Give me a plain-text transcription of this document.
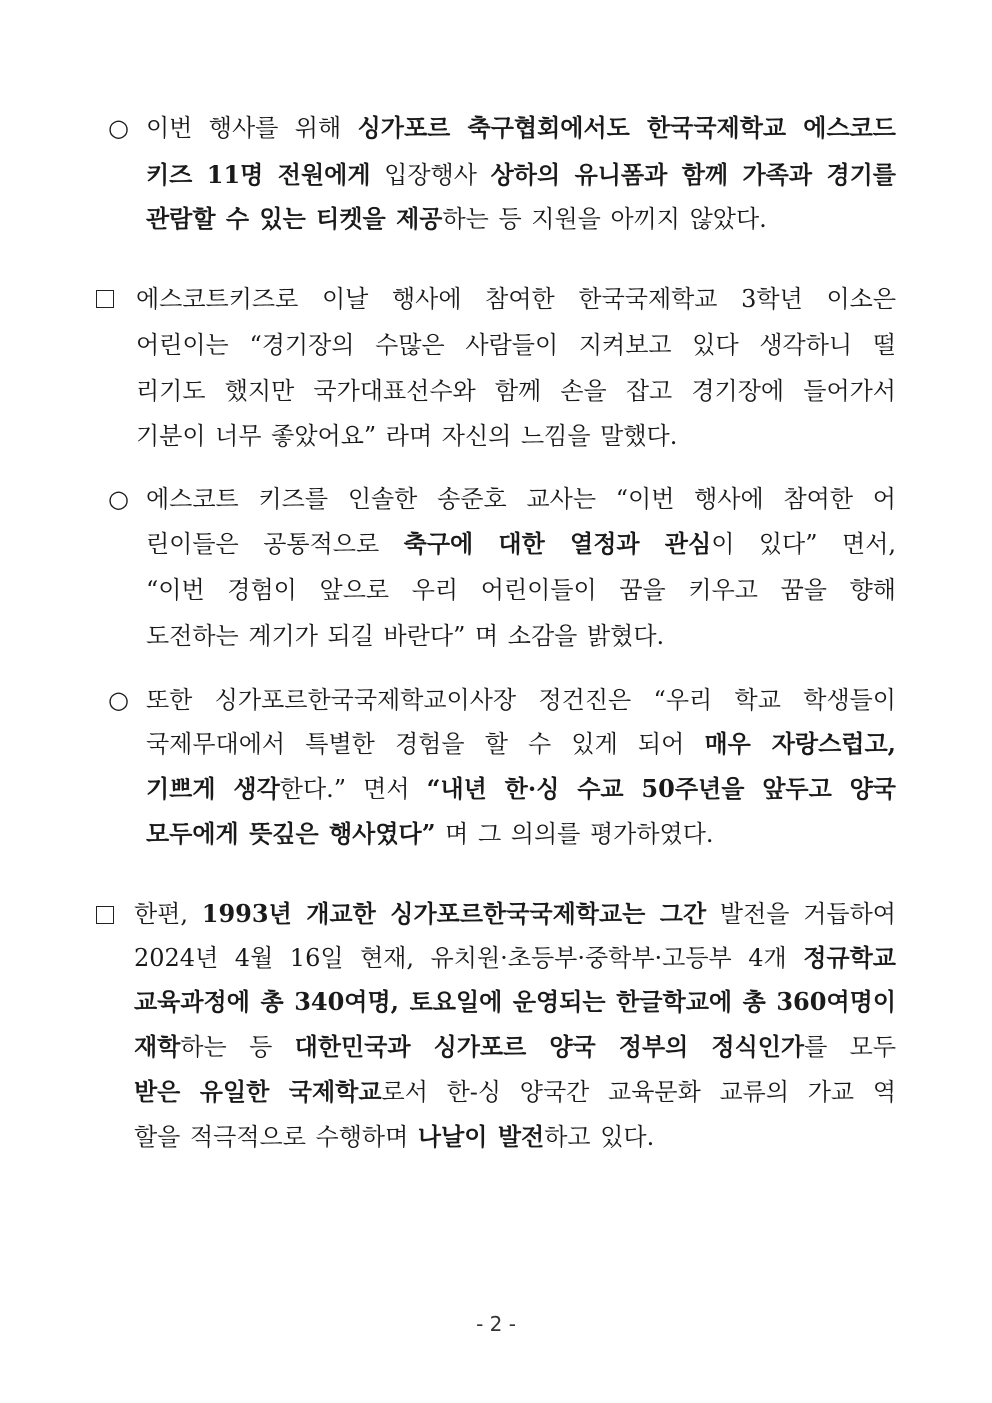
○ 이번 행사를 위해 싱가포르 축구협회에서도 한국국제학교 에스코드
키즈 11명 전원에게 입장행사 상하의 유니폼과 함께 가족과 경기를
관람할 수 있는 티켓을 제공하는 등 지원을 아끼지 않았다.
에스코트키즈로 이날 행사에 참여한 한국국제학교 3학년 이소은
어린이는 “경기장의 수많은 사람들이 지켜보고 있다 생각하니 떨
리기도 했지만 국가대표선수와 함께 손을 잡고 경기장에 들어가서
기분이 너무 좋았어요” 라며 자신의 느낌을 말했다.
○ 에스코트 키즈를 인솔한 송준호 교사는 “이번 행사에 참여한 어
린이들은 공통적으로 축구에 대한 열정과 관심이 있다” 면서,
“이번 경험이 앞으로 우리 어린이들이 꿈을 키우고 꿈을 향해
도전하는 계기가 되길 바란다” 며 소감을 밝혔다.
○ 또한 싱가포르한국국제학교이사장 정건진은 “우리 학교 학생들이
국제무대에서 특별한 경험을 할 수 있게 되어 매우 자랑스럽고,
기쁘게 생각한다.” 면서 “내년 한·싱 수교 50주년을 앞두고 양국
모두에게 뜻깊은 행사였다” 며 그 의의를 평가하였다.
한편, 1993년 개교한 싱가포르한국국제학교는 그간 발전을 거듭하여
2024년 4월 16일 현재, 유치원·초등부·중학부·고등부 4개 정규학교
교육과정에 총 340여명, 토요일에 운영되는 한글학교에 총 360여명이
재학하는 등 대한민국과 싱가포르 양국 정부의 정식인가를 모두
받은 유일한 국제학교로서 한-싱 양국간 교육문화 교류의 가교 역
할을 적극적으로 수행하며 나날이 발전하고 있다.
- 2 -
